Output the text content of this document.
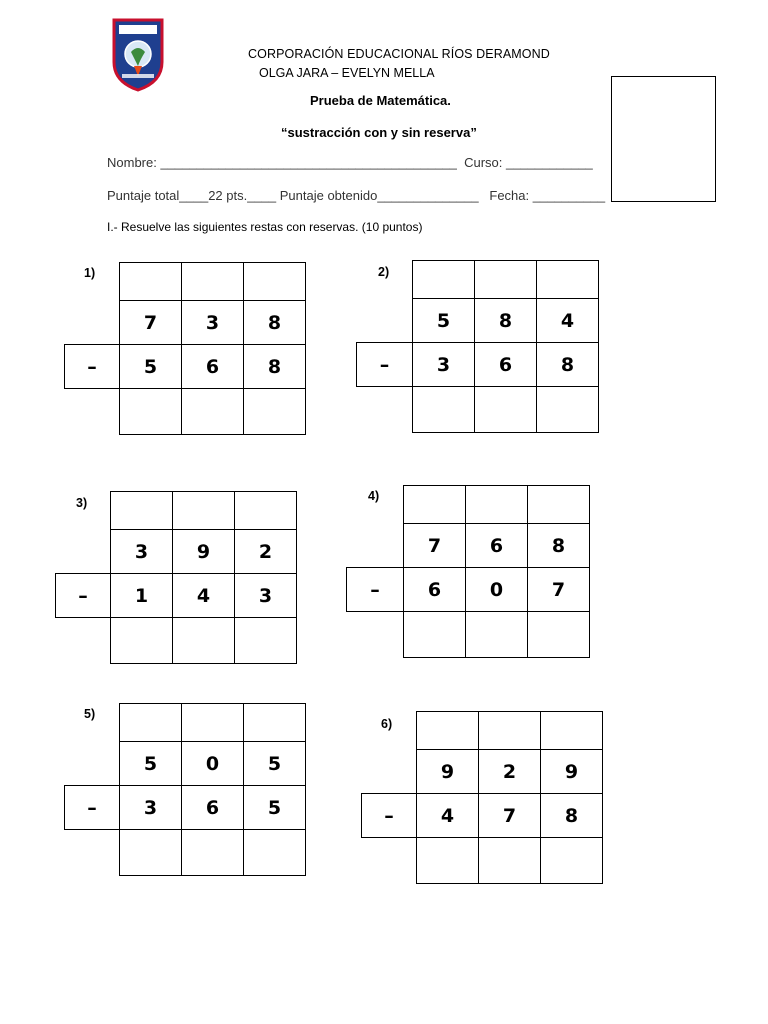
CORPORACIÓN EDUCACIONAL RÍOS DERAMOND
OLGA JARA – EVELYN MELLA
Prueba de Matemática.
“sustracción con y sin reserva”
Nombre: _________________________________________  Curso: ____________
Puntaje total____22 pts.____ Puntaje obtenido______________   Fecha: __________
I.- Resuelve las siguientes restas con reservas. (10 puntos)
1)
7	3	8
5	6	8
–
2)
5	8	4
3	6	8
–
3)
3	9	2
1	4	3
–
4)
7	6	8
6	0	7
–
5)
5	0	5
3	6	5
–
6)
9	2	9
4	7	8
–
